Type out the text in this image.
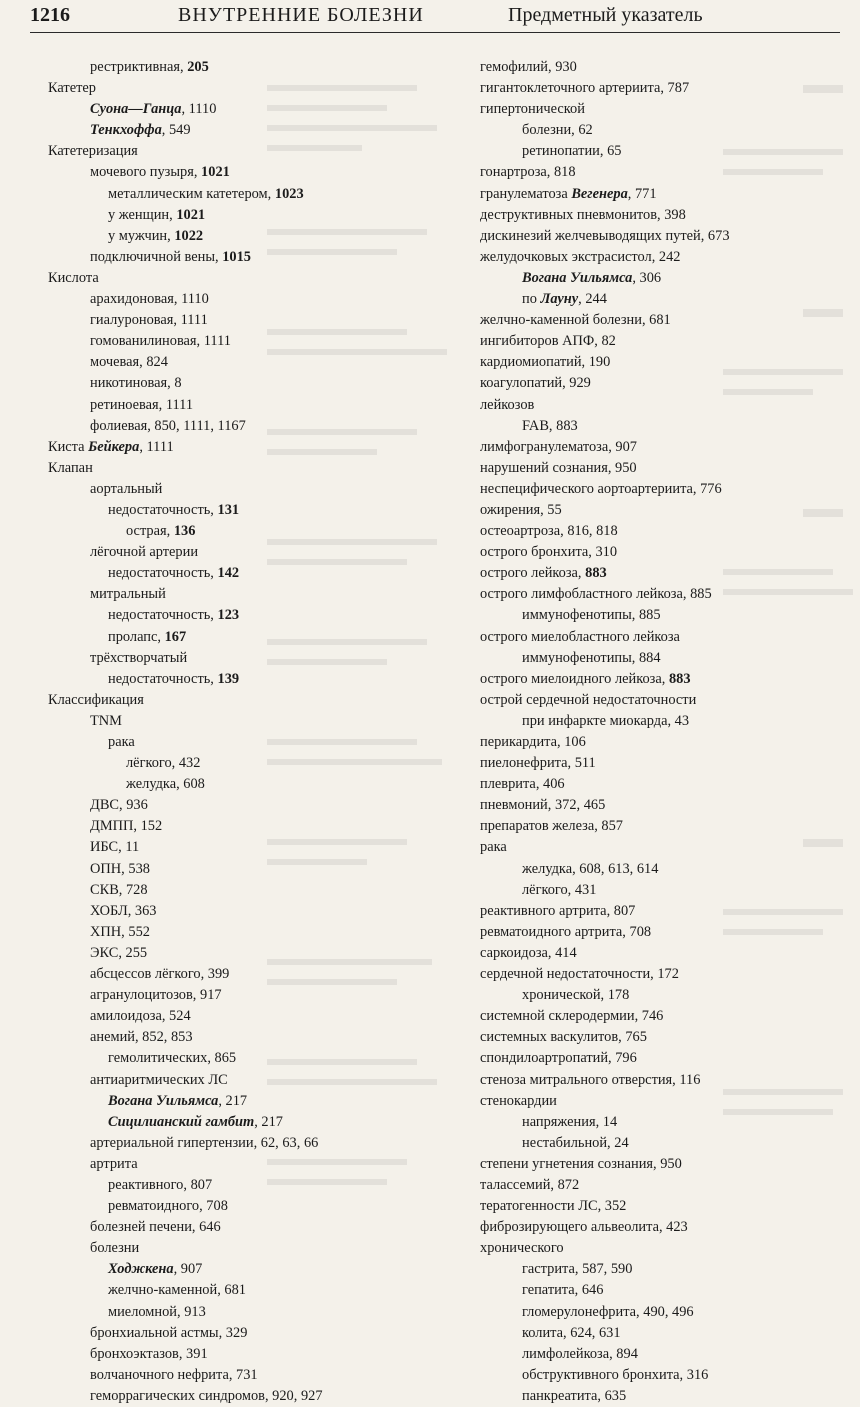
1216	ВНУТРЕННИЕ БОЛЕЗНИ	Предметный указатель
рестриктивная, 205
Катетер
Суона—Ганца, 1110
Тенкхоффа, 549
Катетеризация
мочевого пузыря, 1021
металлическим катетером, 1023
у женщин, 1021
у мужчин, 1022
подключичной вены, 1015
Кислота
арахидоновая, 1110
гиалуроновая, 1111
гомованилиновая, 1111
мочевая, 824
никотиновая, 8
ретиноевая, 1111
фолиевая, 850, 1111, 1167
Киста Бейкера, 1111
Клапан
аортальный
недостаточность, 131
острая, 136
лёгочной артерии
недостаточность, 142
митральный
недостаточность, 123
пролапс, 167
трёхстворчатый
недостаточность, 139
Классификация
TNM
рака
лёгкого, 432
желудка, 608
ДВС, 936
ДМПП, 152
ИБС, 11
ОПН, 538
СКВ, 728
ХОБЛ, 363
ХПН, 552
ЭКС, 255
абсцессов лёгкого, 399
агранулоцитозов, 917
амилоидоза, 524
анемий, 852, 853
гемолитических, 865
антиаритмических ЛС
Вогана Уильямса, 217
Сицилианский гамбит, 217
артериальной гипертензии, 62, 63, 66
артрита
реактивного, 807
ревматоидного, 708
болезней печени, 646
болезни
Ходжкена, 907
желчно-каменной, 681
миеломной, 913
бронхиальной астмы, 329
бронхоэктазов, 391
волчаночного нефрита, 731
геморрагических синдромов, 920, 927
гемофилий, 930
гигантоклеточного артериита, 787
гипертонической
болезни, 62
ретинопатии, 65
гонартроза, 818
гранулематоза Вегенера, 771
деструктивных пневмонитов, 398
дискинезий желчевыводящих путей, 673
желудочковых экстрасистол, 242
Вогана Уильямса, 306
по Лауну, 244
желчно-каменной болезни, 681
ингибиторов АПФ, 82
кардиомиопатий, 190
коагулопатий, 929
лейкозов
FAB, 883
лимфогранулематоза, 907
нарушений сознания, 950
неспецифического аортоартериита, 776
ожирения, 55
остеоартроза, 816, 818
острого бронхита, 310
острого лейкоза, 883
острого лимфобластного лейкоза, 885
иммунофенотипы, 885
острого миелобластного лейкоза
иммунофенотипы, 884
острого миелоидного лейкоза, 883
острой сердечной недостаточности
при инфаркте миокарда, 43
перикардита, 106
пиелонефрита, 511
плеврита, 406
пневмоний, 372, 465
препаратов железа, 857
рака
желудка, 608, 613, 614
лёгкого, 431
реактивного артрита, 807
ревматоидного артрита, 708
саркоидоза, 414
сердечной недостаточности, 172
хронической, 178
системной склеродермии, 746
системных васкулитов, 765
спондилоартропатий, 796
стеноза митрального отверстия, 116
стенокардии
напряжения, 14
нестабильной, 24
степени угнетения сознания, 950
талассемий, 872
тератогенности ЛС, 352
фиброзирующего альвеолита, 423
хронического
гастрита, 587, 590
гепатита, 646
гломерулонефрита, 490, 496
колита, 624, 631
лимфолейкоза, 894
обструктивного бронхита, 316
панкреатита, 635
